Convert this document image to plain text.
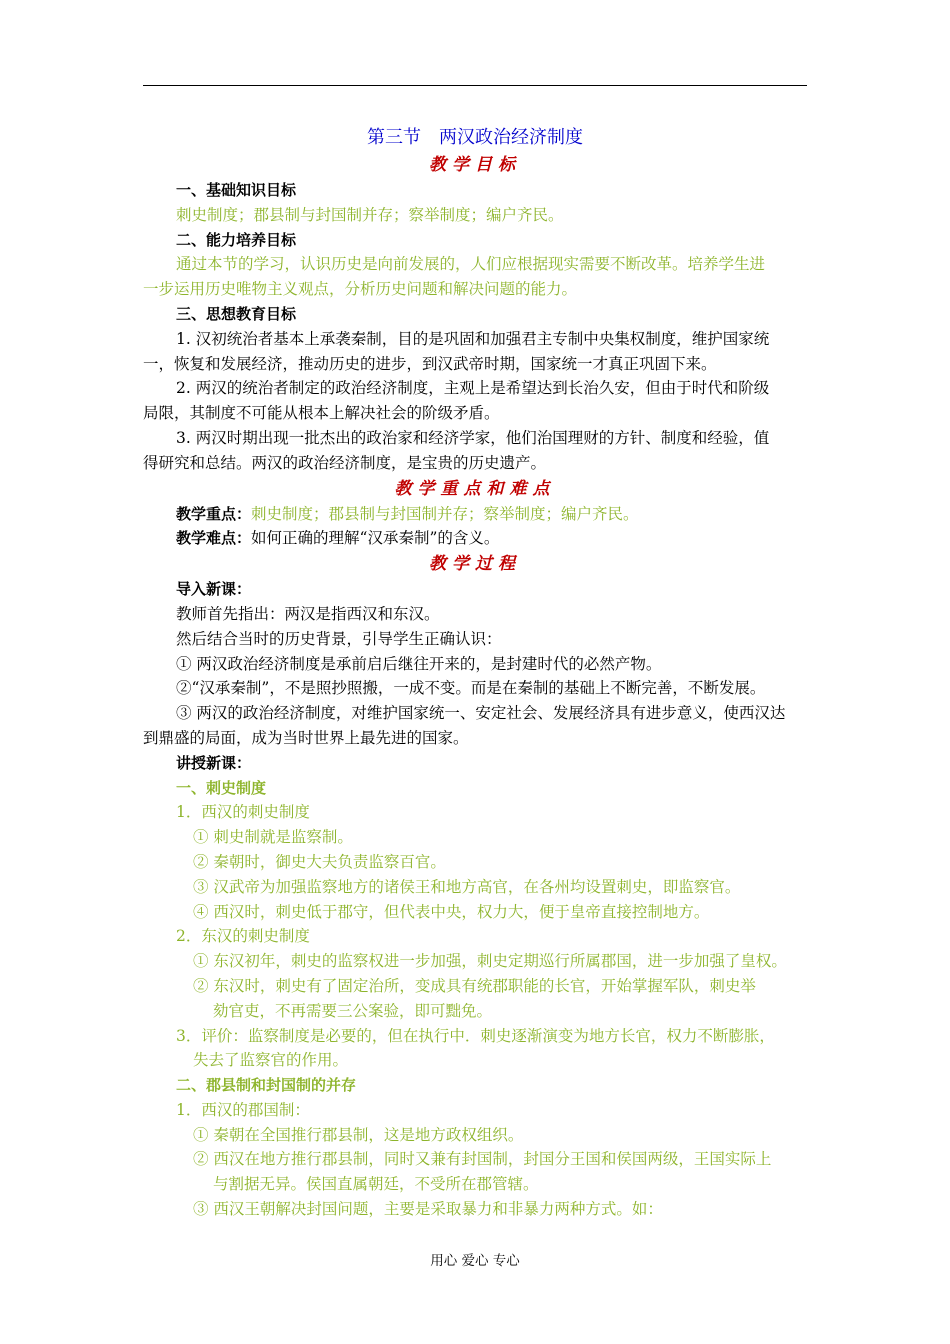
第三节　两汉政治经济制度
教学目标
一、基础知识目标
刺史制度；郡县制与封国制并存；察举制度；编户齐民。
二、能力培养目标
通过本节的学习，认识历史是向前发展的，人们应根据现实需要不断改革。培养学生进
一步运用历史唯物主义观点，分析历史问题和解决问题的能力。
三、思想教育目标
1. 汉初统治者基本上承袭秦制，目的是巩固和加强君主专制中央集权制度，维护国家统
一，恢复和发展经济，推动历史的进步，到汉武帝时期，国家统一才真正巩固下来。
2. 两汉的统治者制定的政治经济制度，主观上是希望达到长治久安，但由于时代和阶级
局限，其制度不可能从根本上解决社会的阶级矛盾。
3. 两汉时期出现一批杰出的政治家和经济学家，他们治国理财的方针、制度和经验，值
得研究和总结。两汉的政治经济制度，是宝贵的历史遗产。
教学重点和难点
教学重点：刺史制度；郡县制与封国制并存；察举制度；编户齐民。
教学难点：如何正确的理解“汉承秦制”的含义。
教学过程
导入新课：
教师首先指出：两汉是指西汉和东汉。
然后结合当时的历史背景，引导学生正确认识：
① 两汉政治经济制度是承前启后继往开来的，是封建时代的必然产物。
②“汉承秦制”，不是照抄照搬，一成不变。而是在秦制的基础上不断完善，不断发展。
③ 两汉的政治经济制度，对维护国家统一、安定社会、发展经济具有进步意义，使西汉达
到鼎盛的局面，成为当时世界上最先进的国家。
讲授新课：
一、刺史制度
1．西汉的刺史制度
① 刺史制就是监察制。
② 秦朝时，御史大夫负责监察百官。
③ 汉武帝为加强监察地方的诸侯王和地方高官，在各州均设置刺史，即监察官。
④ 西汉时，刺史低于郡守，但代表中央，权力大，便于皇帝直接控制地方。
2．东汉的刺史制度
① 东汉初年，刺史的监察权进一步加强，刺史定期巡行所属郡国，进一步加强了皇权。
② 东汉时，刺史有了固定治所，变成具有统郡职能的长官，开始掌握军队，刺史举
劾官吏，不再需要三公案验，即可黜免。
3．评价：监察制度是必要的，但在执行中．刺史逐渐演变为地方长官，权力不断膨胀，
失去了监察官的作用。
二、郡县制和封国制的并存
1．西汉的郡国制：
① 秦朝在全国推行郡县制，这是地方政权组织。
② 西汉在地方推行郡县制，同时又兼有封国制，封国分王国和侯国两级，王国实际上
与割据无异。侯国直属朝廷，不受所在郡管辖。
③ 西汉王朝解决封国问题，主要是采取暴力和非暴力两种方式。如：
用心 爱心 专心
